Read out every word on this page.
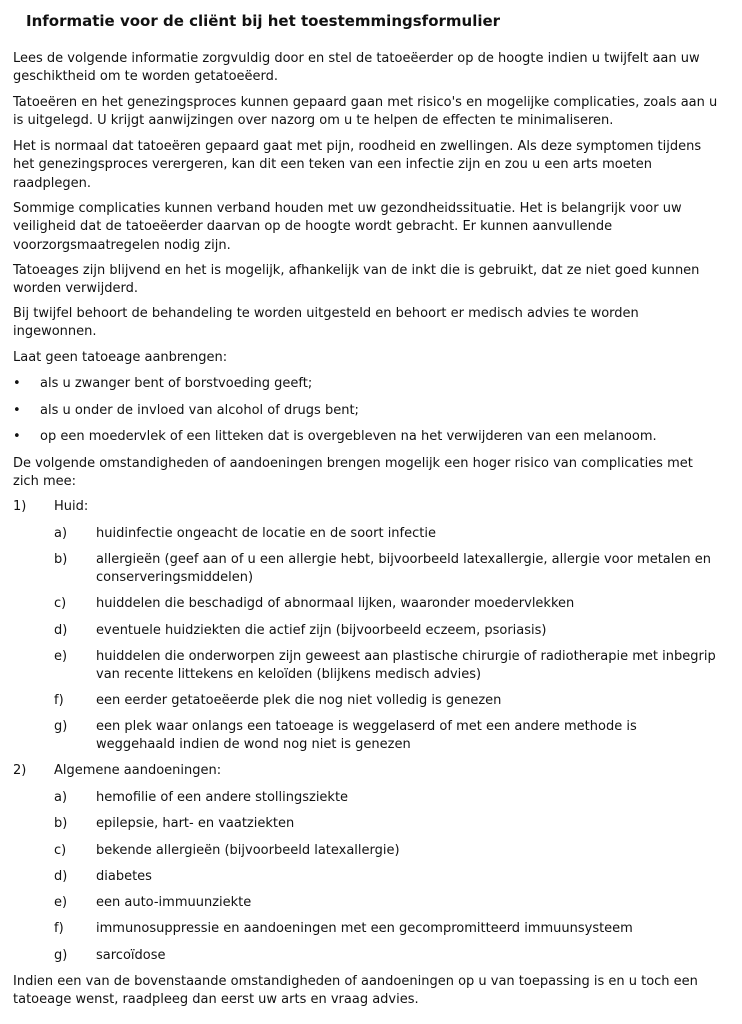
Informatie voor de cliënt bij het toestemmingsformulier

Lees de volgende informatie zorgvuldig door en stel de tatoeëerder op de hoogte indien u twijfelt aan uw geschiktheid om te worden getatoeëerd.

Tatoeëren en het genezingsproces kunnen gepaard gaan met risico's en mogelijke complicaties, zoals aan u is uitgelegd. U krijgt aanwijzingen over nazorg om u te helpen de effecten te minimaliseren.

Het is normaal dat tatoeëren gepaard gaat met pijn, roodheid en zwellingen. Als deze symptomen tijdens het genezingsproces verergeren, kan dit een teken van een infectie zijn en zou u een arts moeten raadplegen.

Sommige complicaties kunnen verband houden met uw gezondheidssituatie. Het is belangrijk voor uw veiligheid dat de tatoeëerder daarvan op de hoogte wordt gebracht. Er kunnen aanvullende voorzorgsmaatregelen nodig zijn.

Tatoeages zijn blijvend en het is mogelijk, afhankelijk van de inkt die is gebruikt, dat ze niet goed kunnen worden verwijderd.

Bij twijfel behoort de behandeling te worden uitgesteld en behoort er medisch advies te worden ingewonnen.

Laat geen tatoeage aanbrengen:

• als u zwanger bent of borstvoeding geeft;
• als u onder de invloed van alcohol of drugs bent;
• op een moedervlek of een litteken dat is overgebleven na het verwijderen van een melanoom.

De volgende omstandigheden of aandoeningen brengen mogelijk een hoger risico van complicaties met zich mee:

1) Huid:
a) huidinfectie ongeacht de locatie en de soort infectie
b) allergieën (geef aan of u een allergie hebt, bijvoorbeeld latexallergie, allergie voor metalen en conserveringsmiddelen)
c) huiddelen die beschadigd of abnormaal lijken, waaronder moedervlekken
d) eventuele huidziekten die actief zijn (bijvoorbeeld eczeem, psoriasis)
e) huiddelen die onderworpen zijn geweest aan plastische chirurgie of radiotherapie met inbegrip van recente littekens en keloïden (blijkens medisch advies)
f) een eerder getatoeëerde plek die nog niet volledig is genezen
g) een plek waar onlangs een tatoeage is weggelaserd of met een andere methode is weggehaald indien de wond nog niet is genezen
2) Algemene aandoeningen:
a) hemofilie of een andere stollingsziekte
b) epilepsie, hart- en vaatziekten
c) bekende allergieën (bijvoorbeeld latexallergie)
d) diabetes
e) een auto-immuunziekte
f) immunosuppressie en aandoeningen met een gecompromitteerd immuunsysteem
g) sarcoïdose

Indien een van de bovenstaande omstandigheden of aandoeningen op u van toepassing is en u toch een tatoeage wenst, raadpleeg dan eerst uw arts en vraag advies.
